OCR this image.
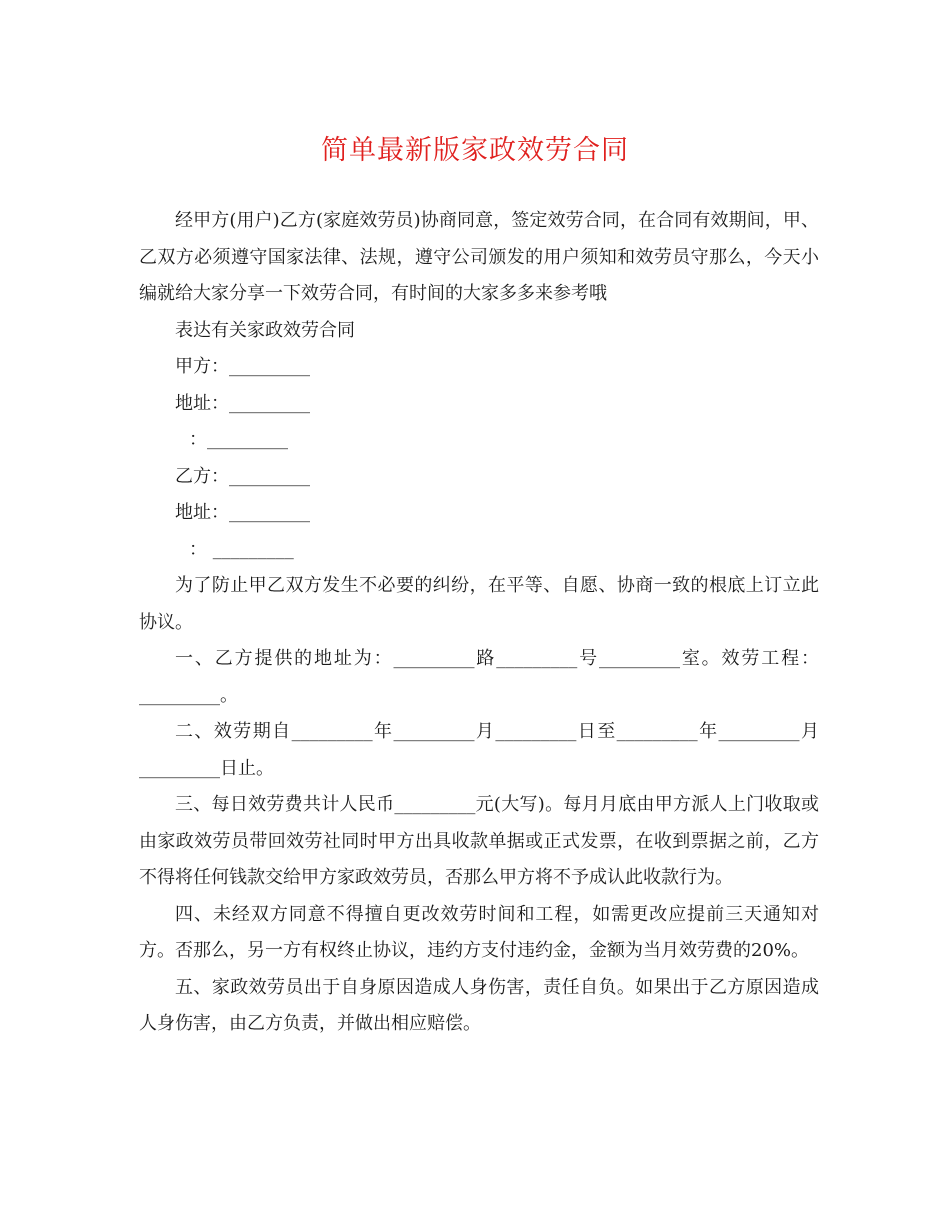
简单最新版家政效劳合同

经甲方(用户)乙方(家庭效劳员)协商同意，签定效劳合同，在合同有效期间，甲、乙双方必须遵守国家法律、法规，遵守公司颁发的用户须知和效劳员守那么，今天小编就给大家分享一下效劳合同，有时间的大家多多来参考哦

表达有关家政效劳合同

甲方：_________

地址：_________

：_________

乙方：_________

地址：_________

： _________

为了防止甲乙双方发生不必要的纠纷，在平等、自愿、协商一致的根底上订立此协议。

一、乙方提供的地址为：_________路_________号_________室。效劳工程：_________。

二、效劳期自_________年_________月_________日至_________年_________月_________日止。

三、每日效劳费共计人民币_________元(大写)。每月月底由甲方派人上门收取或由家政效劳员带回效劳社同时甲方出具收款单据或正式发票，在收到票据之前，乙方不得将任何钱款交给甲方家政效劳员，否那么甲方将不予成认此收款行为。

四、未经双方同意不得擅自更改效劳时间和工程，如需更改应提前三天通知对方。否那么，另一方有权终止协议，违约方支付违约金，金额为当月效劳费的20%。

五、家政效劳员出于自身原因造成人身伤害，责任自负。如果出于乙方原因造成人身伤害，由乙方负责，并做出相应赔偿。
